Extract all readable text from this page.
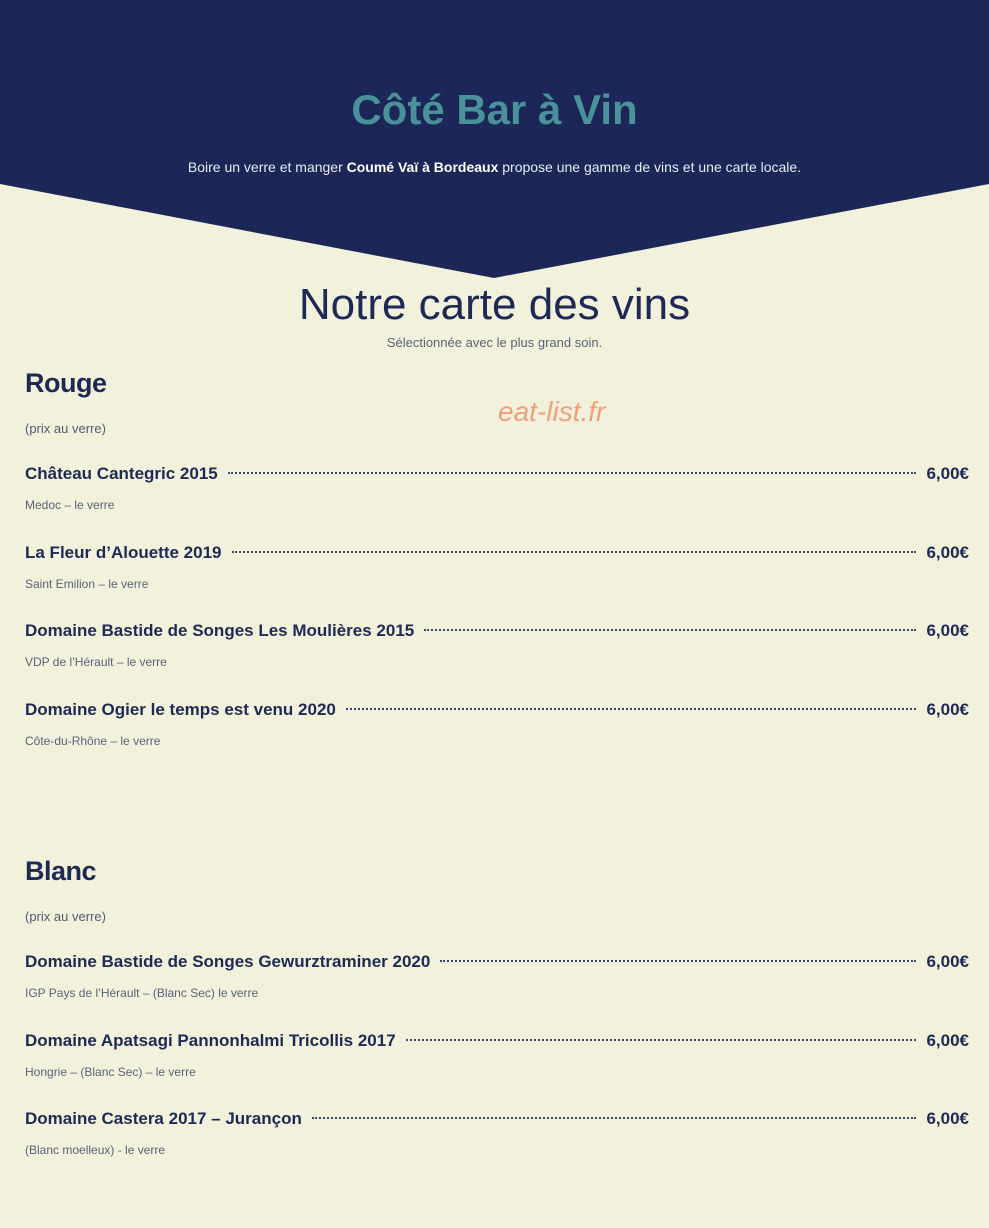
Côté Bar à Vin

Boire un verre et manger Coumé Vaï à Bordeaux propose une gamme de vins et une carte locale.

Notre carte des vins

Sélectionnée avec le plus grand soin.

eat-list.fr
Rouge
(prix au verre)
Château Cantegric 2015	6,00€
Medoc – le verre
La Fleur d’Alouette 2019	6,00€
Saint Emilion – le verre
Domaine Bastide de Songes Les Moulières 2015	6,00€
VDP de l’Hérault – le verre
Domaine Ogier le temps est venu 2020	6,00€
Côte-du-Rhône – le verre
Blanc
(prix au verre)
Domaine Bastide de Songes Gewurztraminer 2020	6,00€
IGP Pays de l’Hérault – (Blanc Sec) le verre
Domaine Apatsagi Pannonhalmi Tricollis 2017	6,00€
Hongrie – (Blanc Sec) – le verre
Domaine Castera 2017 – Jurançon	6,00€
(Blanc moelleux) - le verre
